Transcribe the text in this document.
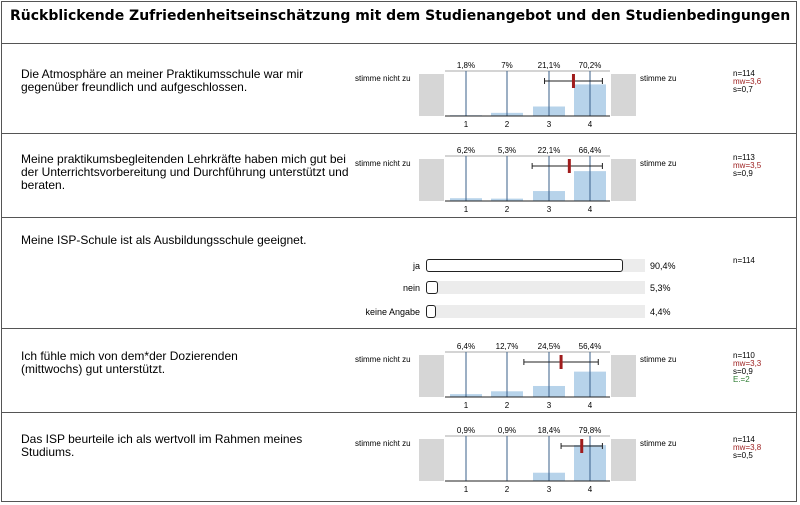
Rückblickende Zufriedenheitseinschätzung mit dem Studienangebot und den Studienbedingungen
Die Atmosphäre an meiner Praktikumsschule war mir gegenüber freundlich und aufgeschlossen.
stimme nicht zu
1,8%	7%	21,1% 70,2%
1	2	3	4
stimme zu
n=114
mw=3,6
s=0,7
Meine praktikumsbegleitenden Lehrkräfte haben mich gut bei der Unterrichtsvorbereitung und Durchführung unterstützt und beraten.
stimme nicht zu
6,2%	5,3%	22,1% 66,4%
1	2	3	4
stimme zu
n=113
mw=3,5
s=0,9
Meine ISP-Schule ist als Ausbildungsschule geeignet.
n=114
ja	90,4%
nein	5,3%
keine Angabe	4,4%
Ich fühle mich von dem*der Dozierenden (mittwochs) gut unterstützt.
stimme nicht zu
6,4%	12,7% 24,5% 56,4%
1	2	3	4
stimme zu	n=110
mw=3,3
s=0,9
E.=2
Das ISP beurteile ich als wertvoll im Rahmen meines Studiums.
stimme nicht zu
0,9%	0,9%	18,4% 79,8%
1	2	3	4
stimme zu	n=114
mw=3,8
s=0,5
